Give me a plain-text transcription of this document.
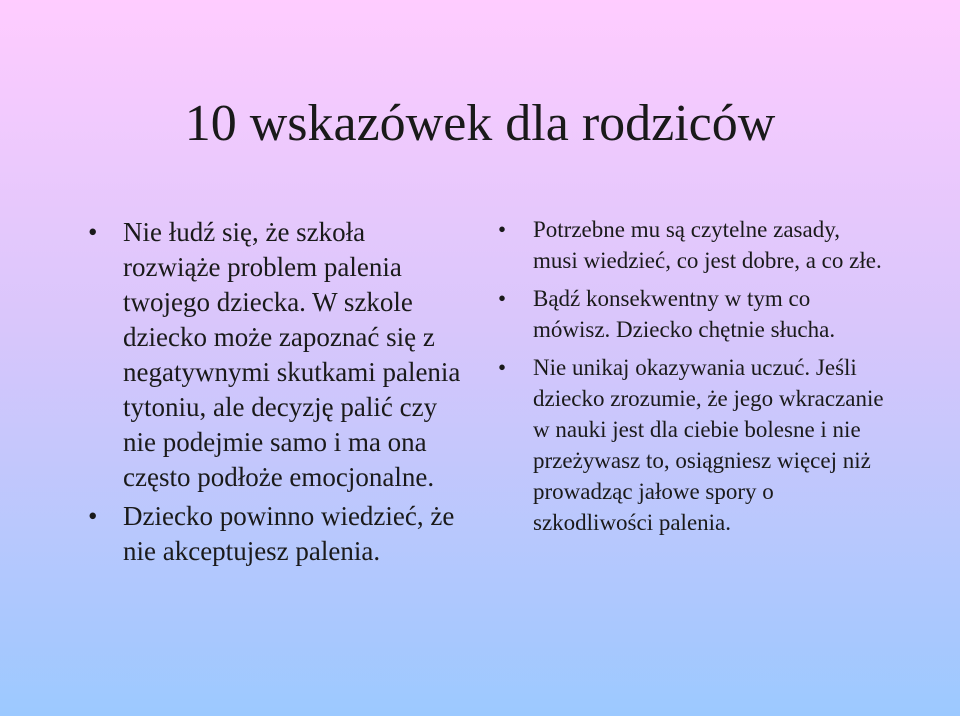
10 wskazówek dla rodziców
• Nie łudź się, że szkoła rozwiąże problem palenia twojego dziecka. W szkole dziecko może zapoznać się z negatywnymi skutkami palenia tytoniu, ale decyzję palić czy nie podejmie samo i ma ona często podłoże emocjonalne.
• Dziecko powinno wiedzieć, że nie akceptujesz palenia.
• Potrzebne mu są czytelne zasady, musi wiedzieć, co jest dobre, a co złe.
• Bądź konsekwentny w tym co mówisz. Dziecko chętnie słucha.
• Nie unikaj okazywania uczuć. Jeśli dziecko zrozumie, że jego wkraczanie w nauki jest dla ciebie bolesne i nie przeżywasz to, osiągniesz więcej niż prowadząc jałowe spory o szkodliwości palenia.
